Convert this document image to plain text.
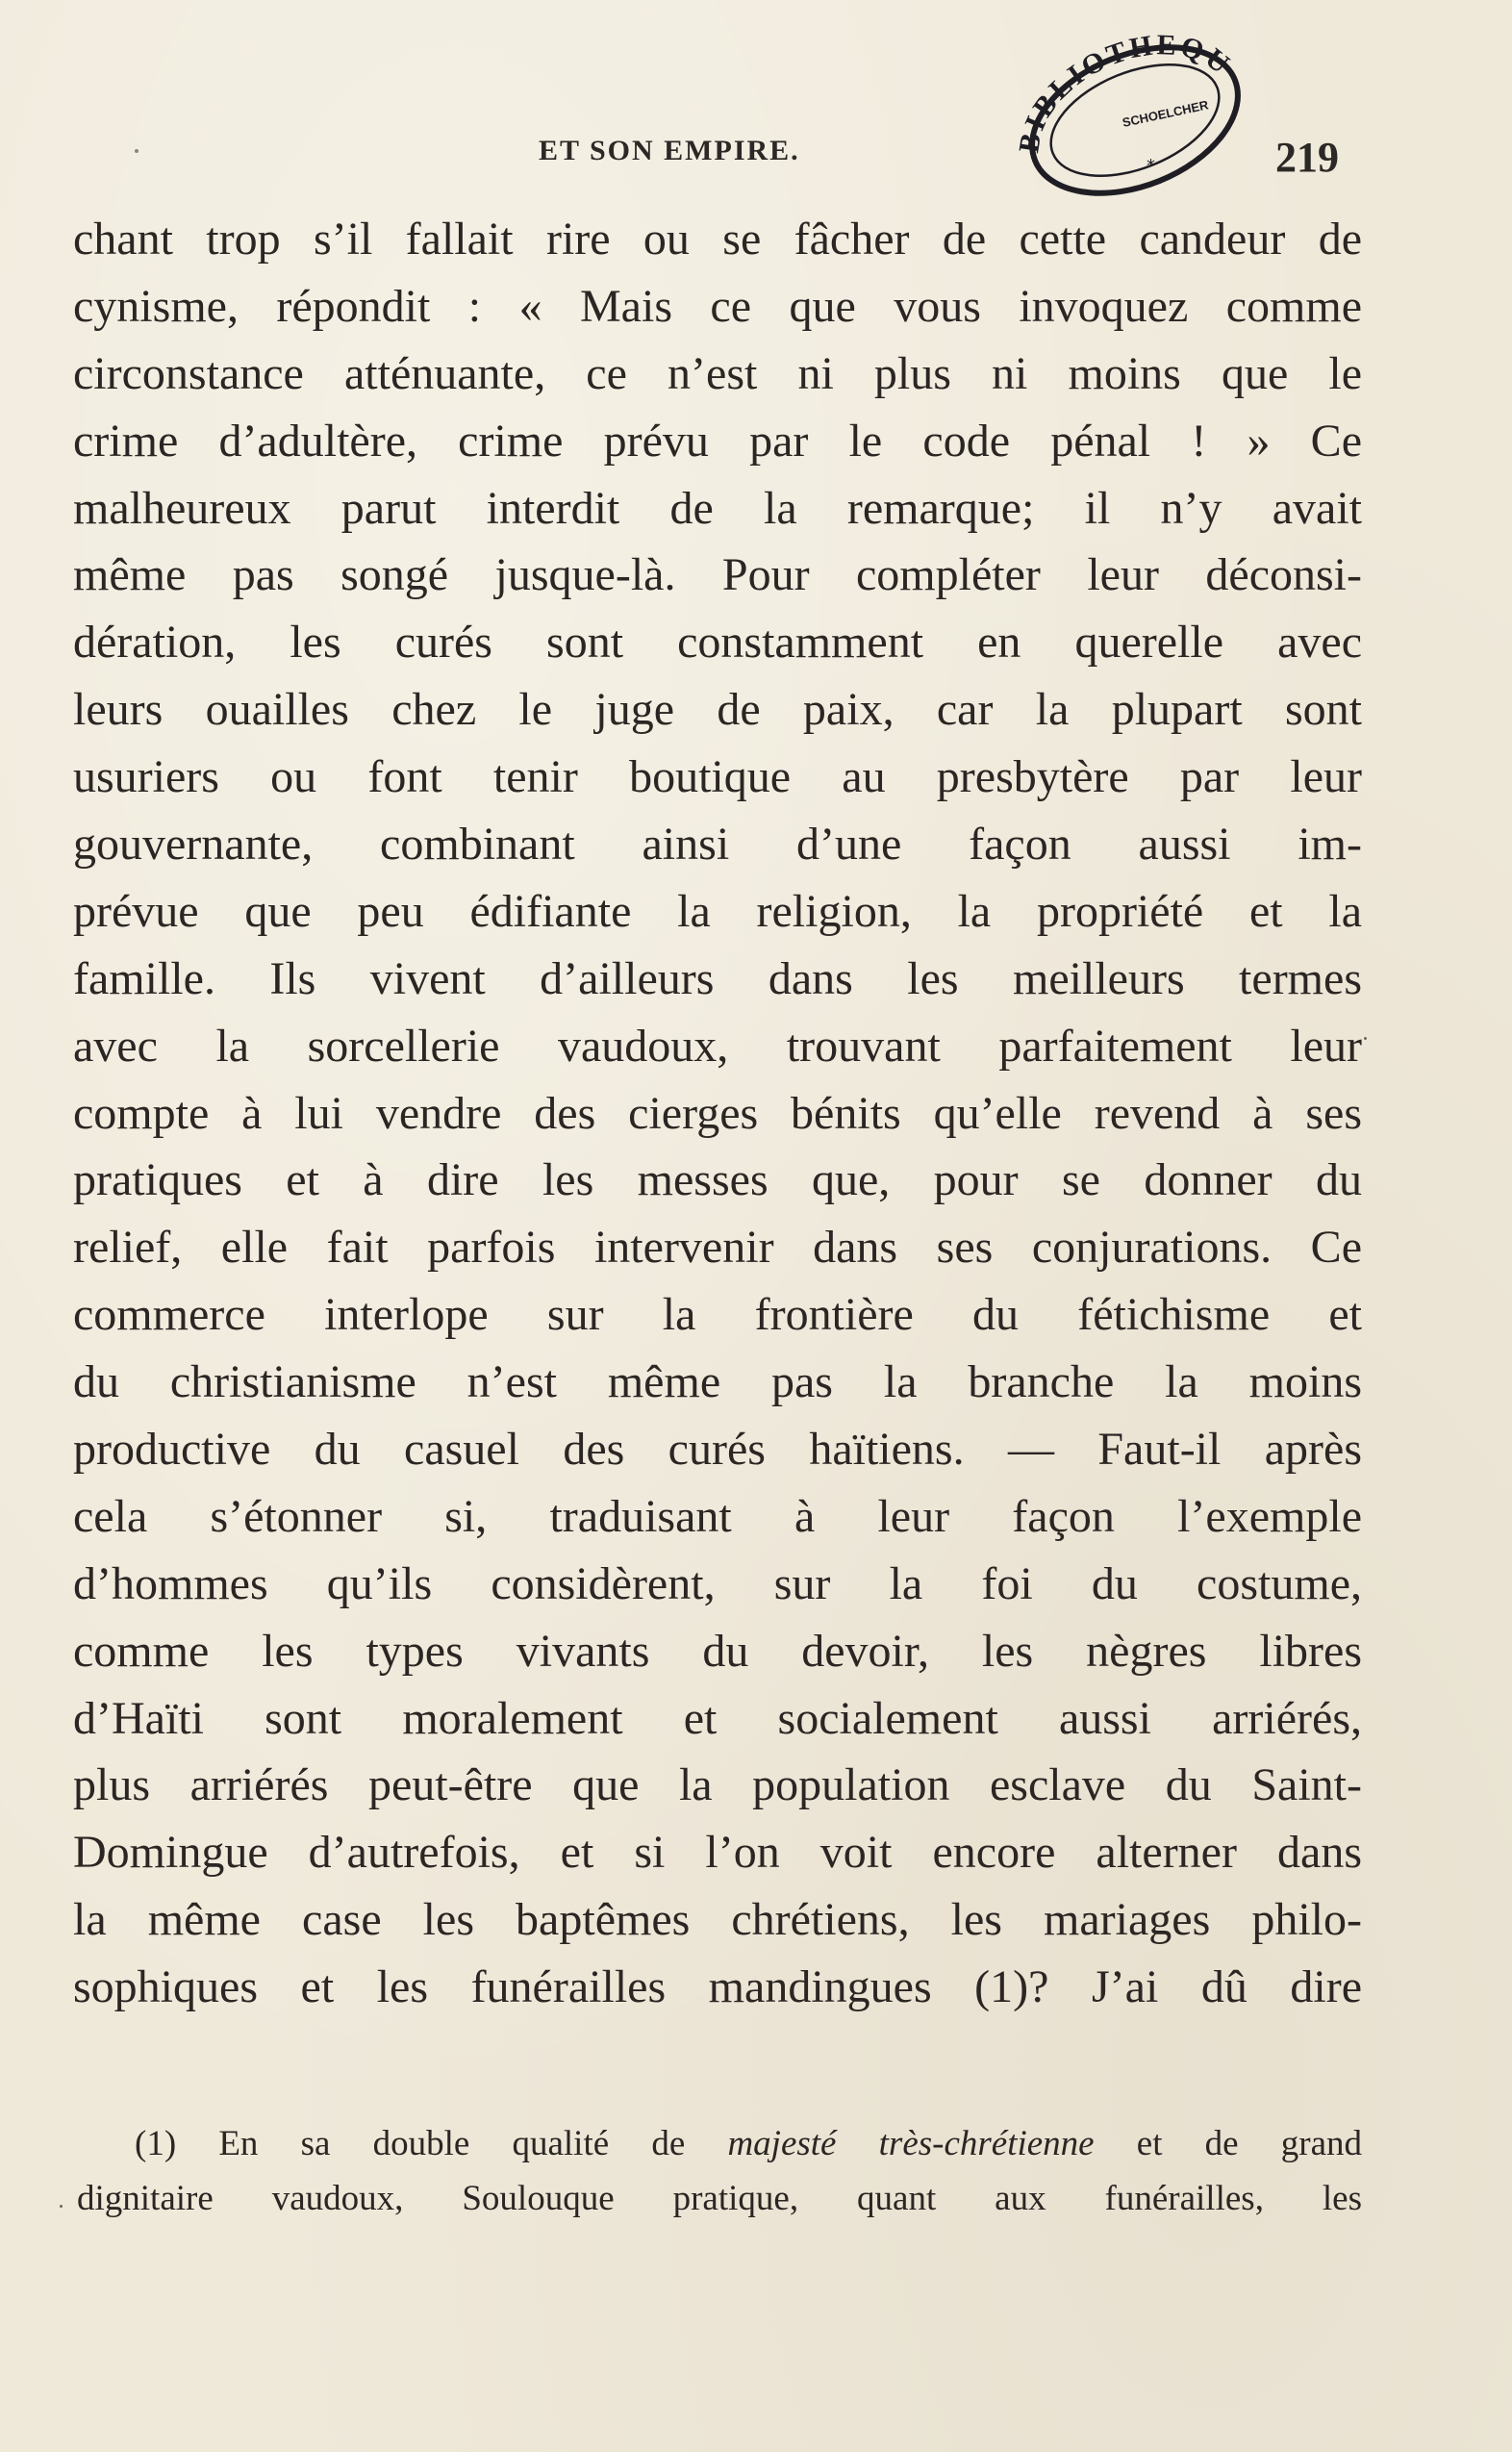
ET SON EMPIRE.	219
BIBLIOTHEQU
SCHOELCHER
*
chant trop s’il fallait rire ou se fâcher de cette candeur de
cynisme, répondit : « Mais ce que vous invoquez comme
circonstance atténuante, ce n’est ni plus ni moins que le
crime d’adultère, crime prévu par le code pénal ! » Ce
malheureux parut interdit de la remarque; il n’y avait
même pas songé jusque-là. Pour compléter leur déconsi-
dération, les curés sont constamment en querelle avec
leurs ouailles chez le juge de paix, car la plupart sont
usuriers ou font tenir boutique au presbytère par leur
gouvernante, combinant ainsi d’une façon aussi im-
prévue que peu édifiante la religion, la propriété et la
famille. Ils vivent d’ailleurs dans les meilleurs termes
avec la sorcellerie vaudoux, trouvant parfaitement leur
compte à lui vendre des cierges bénits qu’elle revend à ses
pratiques et à dire les messes que, pour se donner du
relief, elle fait parfois intervenir dans ses conjurations. Ce
commerce interlope sur la frontière du fétichisme et
du christianisme n’est même pas la branche la moins
productive du casuel des curés haïtiens. — Faut-il après
cela s’étonner si, traduisant à leur façon l’exemple
d’hommes qu’ils considèrent, sur la foi du costume,
comme les types vivants du devoir, les nègres libres
d’Haïti sont moralement et socialement aussi arriérés,
plus arriérés peut-être que la population esclave du Saint-
Domingue d’autrefois, et si l’on voit encore alterner dans
la même case les baptêmes chrétiens, les mariages philo-
sophiques et les funérailles mandingues (1)? J’ai dû dire
(1) En sa double qualité de majesté très-chrétienne et de grand
dignitaire vaudoux, Soulouque pratique, quant aux funérailles, les
